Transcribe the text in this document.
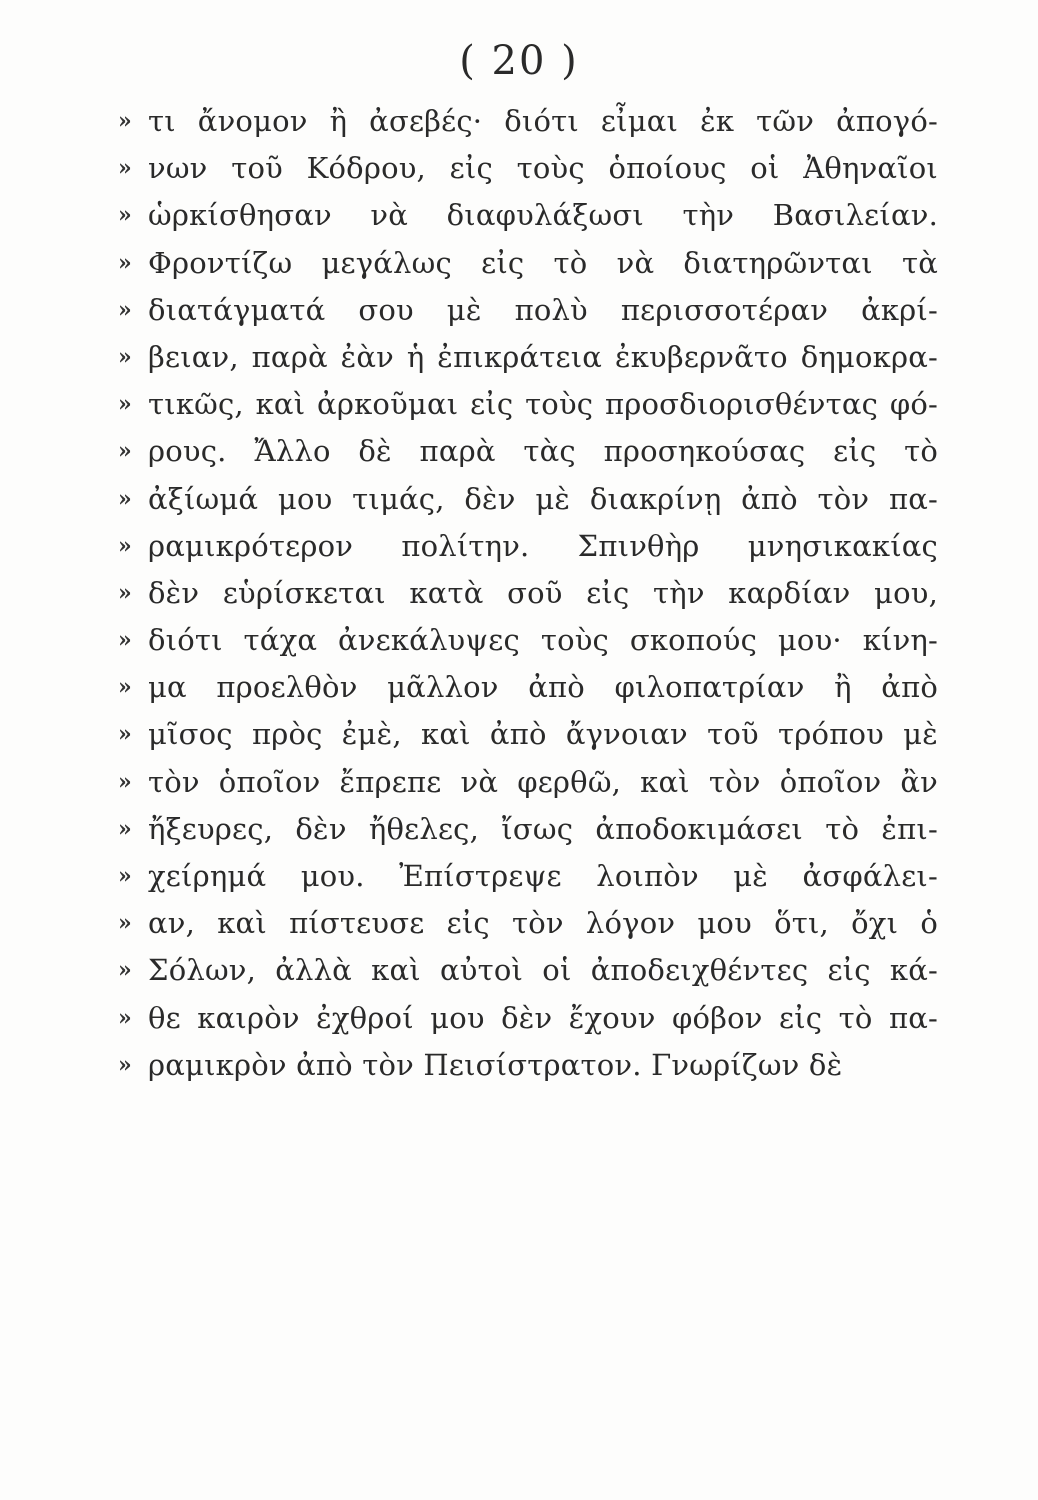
( 20 )
» τι ἄνομον ἢ ἀσεβές· διότι εἶμαι ἐκ τῶν ἀπογό-
» νων τοῦ Κόδρου, εἰς τοὺς ὁποίους οἱ Ἀθηναῖοι
» ὡρκίσθησαν νὰ διαφυλάξωσι τὴν Βασιλείαν.
» Φροντίζω μεγάλως εἰς τὸ νὰ διατηρῶνται τὰ
» διατάγματά σου μὲ πολὺ περισσοτέραν ἀκρί-
» βειαν, παρὰ ἐὰν ἡ ἐπικράτεια ἐκυβερνᾶτο δημοκρα-
» τικῶς, καὶ ἀρκοῦμαι εἰς τοὺς προσδιορισθέντας φό-
» ρους. Ἄλλο δὲ παρὰ τὰς προσηκούσας εἰς τὸ
» ἀξίωμά μου τιμάς, δὲν μὲ διακρίνῃ ἀπὸ τὸν πα-
» ραμικρότερον πολίτην. Σπινθὴρ μνησικακίας
» δὲν εὑρίσκεται κατὰ σοῦ εἰς τὴν καρδίαν μου,
» διότι τάχα ἀνεκάλυψες τοὺς σκοπούς μου· κίνη-
» μα προελθὸν μᾶλλον ἀπὸ φιλοπατρίαν ἢ ἀπὸ
» μῖσος πρὸς ἐμὲ, καὶ ἀπὸ ἄγνοιαν τοῦ τρόπου μὲ
» τὸν ὁποῖον ἔπρεπε νὰ φερθῶ, καὶ τὸν ὁποῖον ἂν
» ἤξευρες, δὲν ἤθελες, ἴσως ἀποδοκιμάσει τὸ ἐπι-
» χείρημά μου. Ἐπίστρεψε λοιπὸν μὲ ἀσφάλει-
» αν, καὶ πίστευσε εἰς τὸν λόγον μου ὅτι, ὄχι ὁ
» Σόλων, ἀλλὰ καὶ αὐτοὶ οἱ ἀποδειχθέντες εἰς κά-
» θε καιρὸν ἐχθροί μου δὲν ἔχουν φόβον εἰς τὸ πα-
» ραμικρὸν ἀπὸ τὸν Πεισίστρατον. Γνωρίζων δὲ
